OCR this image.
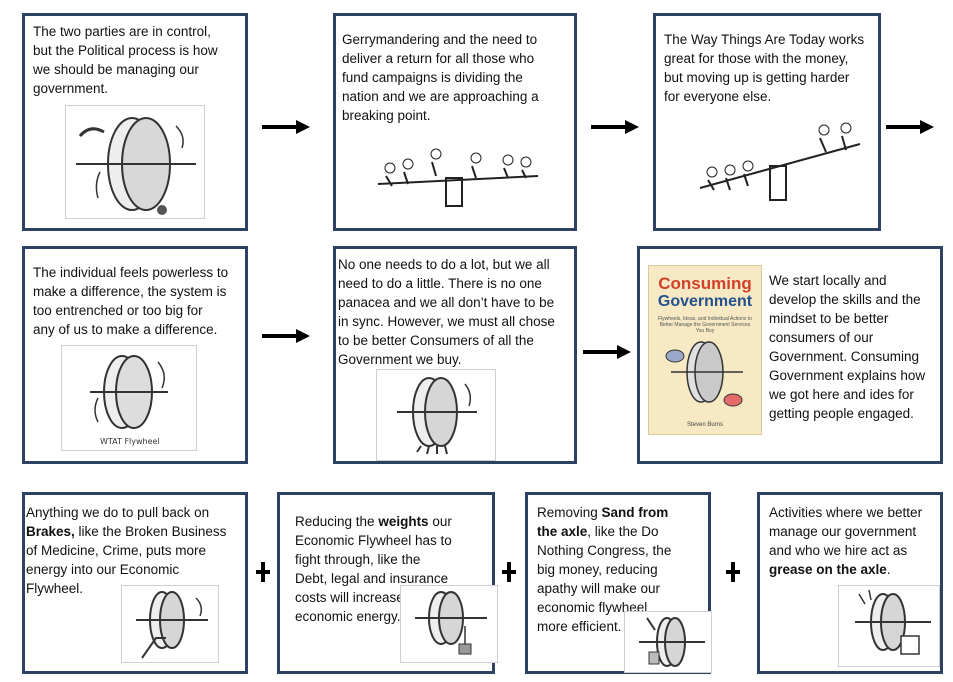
The two parties are in control,
but the Political process is how
we should be managing our
government.
Gerrymandering and the need to
deliver a return for all those who
fund campaigns is dividing the
nation and we are approaching a
breaking point.
The Way Things Are Today works
great for those with the money,
but moving up is getting harder
for everyone else.
The individual feels powerless to
make a difference, the system is
too entrenched or too big for
any of us to make a difference.
WTAT Flywheel
No one needs to do a lot, but we all
need to do a little. There is no one
panacea and we all don’t have to be
in sync. However, we must all chose
to be better Consumers of all the
Government we buy.
Consuming
Government
Flywheels, Ideas, and Individual Actions to Better Manage the Government Services You Buy
Steven Burns
We start locally and
develop the skills and the
mindset to be better
consumers of our
Government. Consuming
Government explains how
we got here and ides for
getting people engaged.
Anything we do to pull back on
Brakes, like the Broken Business
of Medicine, Crime, puts more
energy into our Economic
Flywheel.
Reducing the weights our
Economic Flywheel has to
fight through, like the
Debt, legal and insurance
costs will increase
economic energy.
Removing Sand from
the axle, like the Do
Nothing Congress, the
big money, reducing
apathy will make our
economic flywheel
more efficient.
Activities where we better
manage our government
and who we hire act as
grease on the axle.
